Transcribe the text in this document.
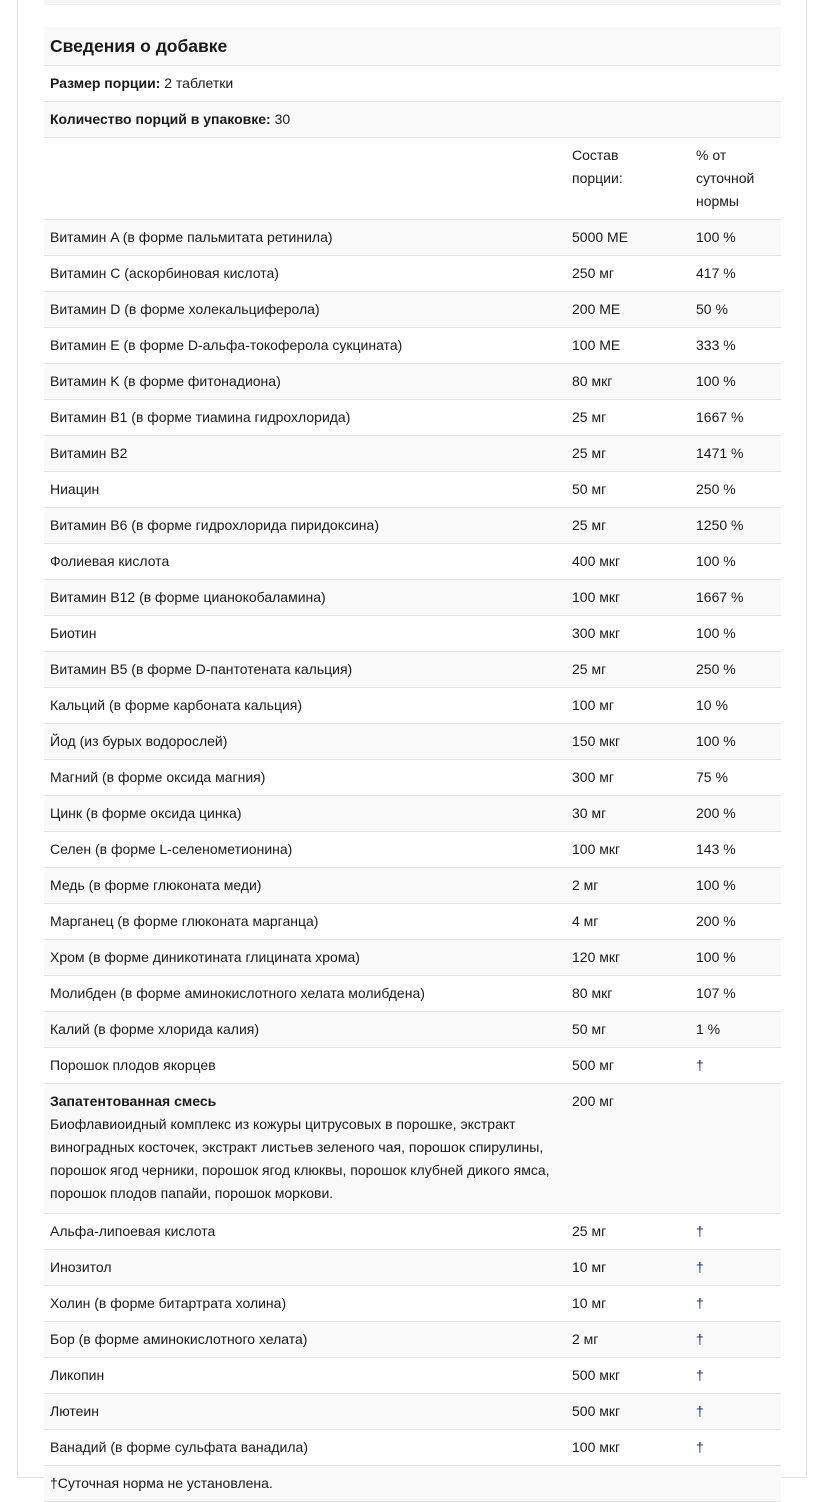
Сведения о добавке		
Размер порции: 2 таблетки		
Количество порций в упаковке: 30		
	Состав порции:	% от суточной нормы
Витамин A (в форме пальмитата ретинила)	5000 МЕ	100 %
Витамин C (аскорбиновая кислота)	250 мг	417 %
Витамин D (в форме холекальциферола)	200 МЕ	50 %
Витамин E (в форме D-альфа-токоферола сукцината)	100 МЕ	333 %
Витамин K (в форме фитонадиона)	80 мкг	100 %
Витамин B1 (в форме тиамина гидрохлорида)	25 мг	1667 %
Витамин B2	25 мг	1471 %
Ниацин	50 мг	250 %
Витамин B6 (в форме гидрохлорида пиридоксина)	25 мг	1250 %
Фолиевая кислота	400 мкг	100 %
Витамин B12 (в форме цианокобаламина)	100 мкг	1667 %
Биотин	300 мкг	100 %
Витамин B5 (в форме D-пантотената кальция)	25 мг	250 %
Кальций (в форме карбоната кальция)	100 мг	10 %
Йод (из бурых водорослей)	150 мкг	100 %
Магний (в форме оксида магния)	300 мг	75 %
Цинк (в форме оксида цинка)	30 мг	200 %
Селен (в форме L-селенометионина)	100 мкг	143 %
Медь (в форме глюконата меди)	2 мг	100 %
Марганец (в форме глюконата марганца)	4 мг	200 %
Хром (в форме диникотината глицината хрома)	120 мкг	100 %
Молибден (в форме аминокислотного хелата молибдена)	80 мкг	107 %
Калий (в форме хлорида калия)	50 мг	1 %
Порошок плодов якорцев	500 мг	†
Запатентованная смесь
Биофлавиоидный комплекс из кожуры цитрусовых в порошке, экстракт виноградных косточек, экстракт листьев зеленого чая, порошок спирулины, порошок ягод черники, порошок ягод клюквы, порошок клубней дикого ямса, порошок плодов папайи, порошок моркови.	200 мг	
Альфа-липоевая кислота	25 мг	†
Инозитол	10 мг	†
Холин (в форме битартрата холина)	10 мг	†
Бор (в форме аминокислотного хелата)	2 мг	†
Ликопин	500 мкг	†
Лютеин	500 мкг	†
Ванадий (в форме сульфата ванадила)	100 мкг	†
†Суточная норма не установлена.		
